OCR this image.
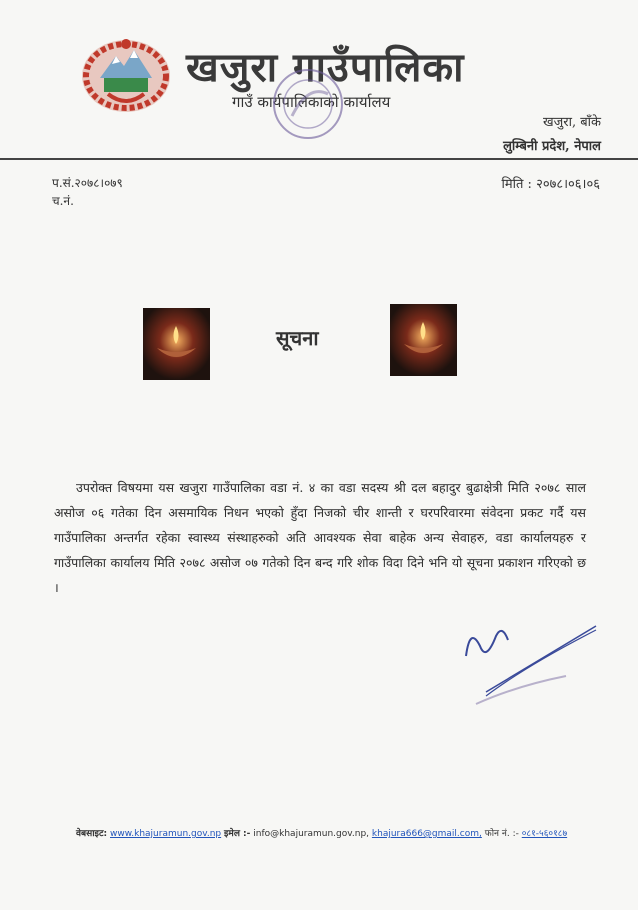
खजुरा गाउँपालिका
गाउँ कार्यपालिकाको कार्यालय
खजुरा, बाँके
लुम्बिनी प्रदेश, नेपाल
प.सं.२०७८।०७९
च.नं.
मिति : २०७८।०६।०६
सूचना

उपरोक्त विषयमा यस खजुरा गाउँपालिका वडा नं. ४ का वडा सदस्य श्री दल बहादुर बुढाक्षेत्री मिति २०७८ साल असोज ०६ गतेका दिन असमायिक निधन भएको हुँदा निजको चीर शान्ती र घरपरिवारमा संवेदना प्रकट गर्दै यस गाउँपालिका अन्तर्गत रहेका स्वास्थ्य संस्थाहरुको अति आवश्यक सेवा बाहेक अन्य सेवाहरु, वडा कार्यालयहरु र गाउँपालिका कार्यालय मिति २०७८ असोज ०७ गतेको दिन बन्द गरि शोक विदा दिने भनि यो सूचना प्रकाशन गरिएको छ ।

वेबसाइट: www.khajuramun.gov.np इमेल :- info@khajuramun.gov.np, khajura666@gmail.com, फोन नं. :- ०८१-५६०१८७
